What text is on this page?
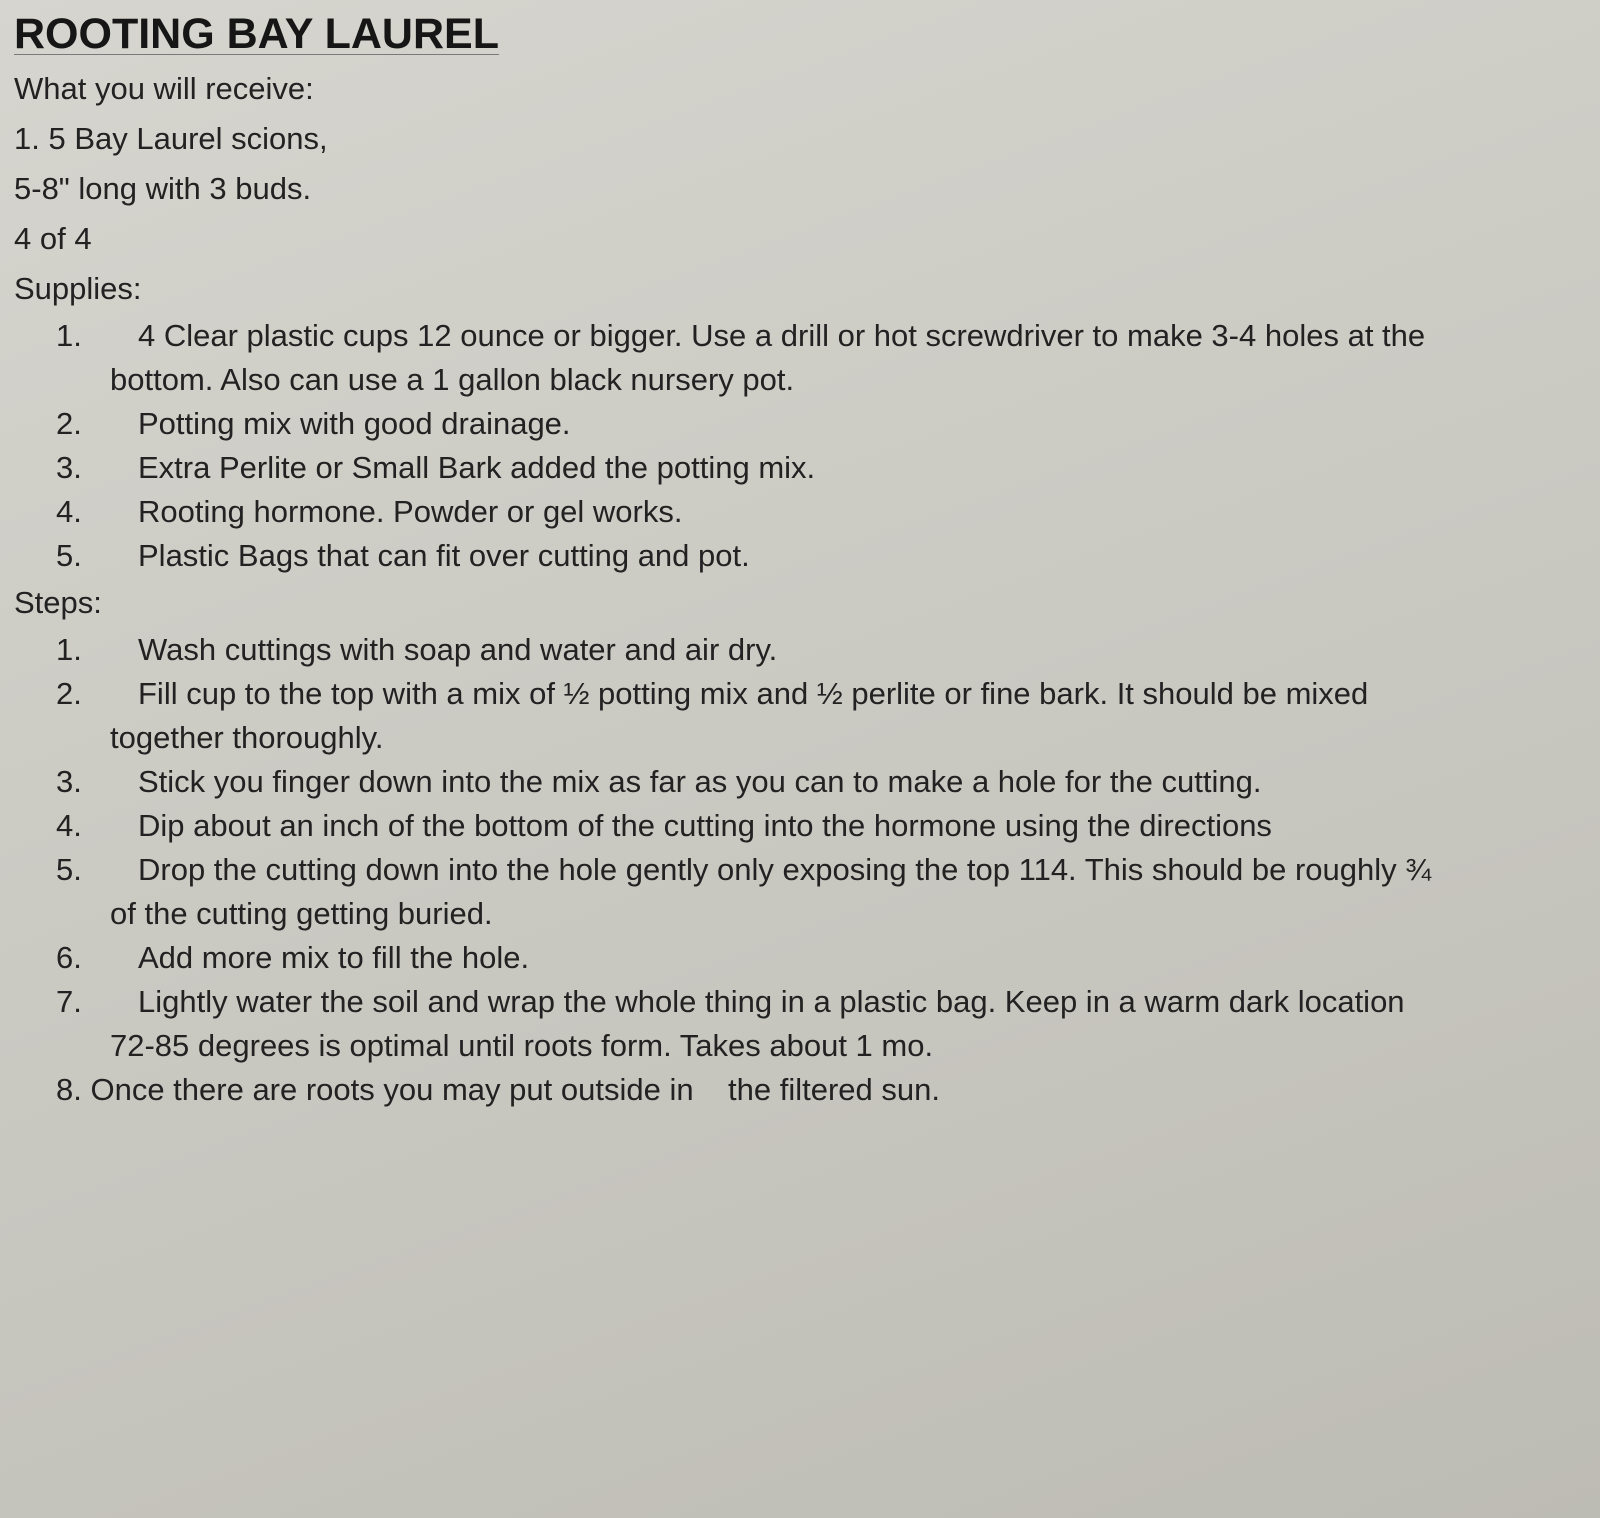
ROOTING BAY LAUREL
What you will receive:
1. 5 Bay Laurel scions,
5-8" long with 3 buds.
4 of 4
Supplies:
1. 4 Clear plastic cups 12 ounce or bigger. Use a drill or hot screwdriver to make 3-4 holes at the
bottom. Also can use a 1 gallon black nursery pot.
2. Potting mix with good drainage.
3. Extra Perlite or Small Bark added the potting mix.
4. Rooting hormone. Powder or gel works.
5. Plastic Bags that can fit over cutting and pot.
Steps:
1. Wash cuttings with soap and water and air dry.
2. Fill cup to the top with a mix of ½ potting mix and ½ perlite or fine bark. It should be mixed
together thoroughly.
3. Stick you finger down into the mix as far as you can to make a hole for the cutting.
4. Dip about an inch of the bottom of the cutting into the hormone using the directions
5. Drop the cutting down into the hole gently only exposing the top 114. This should be roughly ¾
of the cutting getting buried.
6. Add more mix to fill the hole.
7. Lightly water the soil and wrap the whole thing in a plastic bag. Keep in a warm dark location
72-85 degrees is optimal until roots form. Takes about 1 mo.
8. Once there are roots you may put outside in    the filtered sun.
